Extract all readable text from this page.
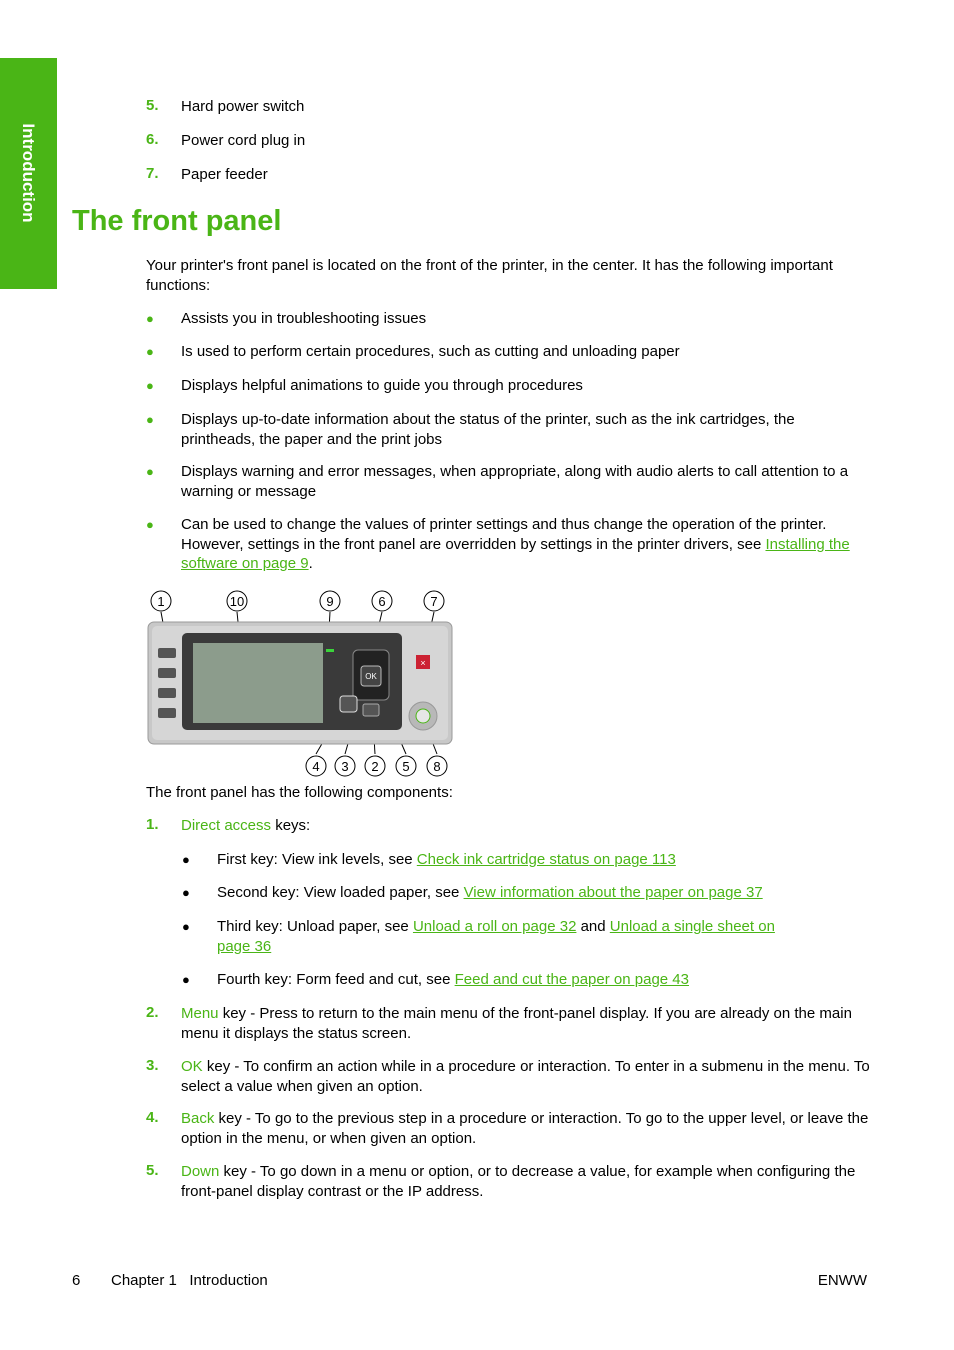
Introduction
5. Hard power switch
6. Power cord plug in
7. Paper feeder
The front panel
Your printer's front panel is located on the front of the printer, in the center. It has the following important functions:
● Assists you in troubleshooting issues
● Is used to perform certain procedures, such as cutting and unloading paper
● Displays helpful animations to guide you through procedures
● Displays up-to-date information about the status of the printer, such as the ink cartridges, the printheads, the paper and the print jobs
● Displays warning and error messages, when appropriate, along with audio alerts to call attention to a warning or message
● Can be used to change the values of printer settings and thus change the operation of the printer. However, settings in the front panel are overridden by settings in the printer drivers, see Installing the software on page 9.
OK
×
1	10	9	6	7
4 3 2 5 8
The front panel has the following components:
1. Direct access keys:
● First key: View ink levels, see Check ink cartridge status on page 113
● Second key: View loaded paper, see View information about the paper on page 37
● Third key: Unload paper, see Unload a roll on page 32 and Unload a single sheet on page 36
● Fourth key: Form feed and cut, see Feed and cut the paper on page 43
2. Menu key - Press to return to the main menu of the front-panel display. If you are already on the main menu it displays the status screen.
3. OK key - To confirm an action while in a procedure or interaction. To enter in a submenu in the menu. To select a value when given an option.
4. Back key - To go to the previous step in a procedure or interaction. To go to the upper level, or leave the option in the menu, or when given an option.
5. Down key - To go down in a menu or option, or to decrease a value, for example when configuring the front-panel display contrast or the IP address.
6 Chapter 1   Introduction	ENWW
